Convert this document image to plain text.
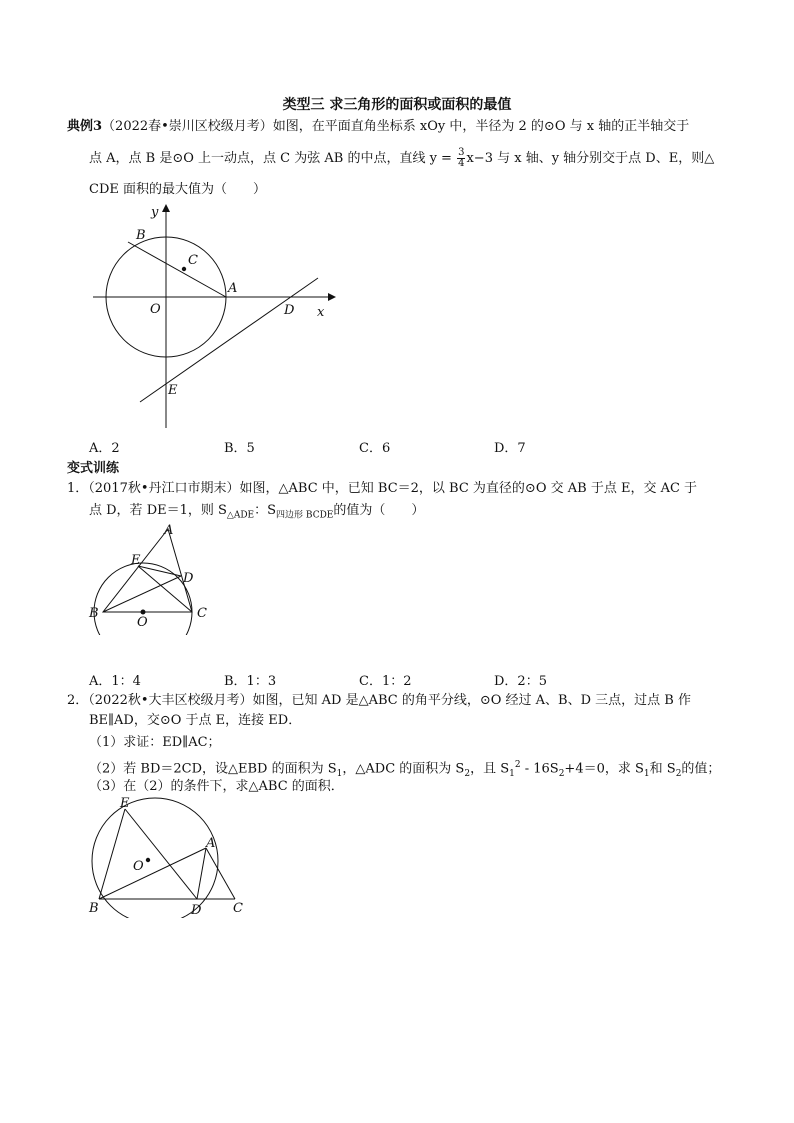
类型三 求三角形的面积或面积的最值
典例3（2022春•崇川区校级月考）如图，在平面直角坐标系 xOy 中，半径为 2 的⊙O 与 x 轴的正半轴交于
点 A，点 B 是⊙O 上一动点，点 C 为弦 AB 的中点，直线 $y = \frac{3}{4} x-3$ 与 x 轴、y 轴分别交于点 D、E，则△
CDE 面积的最大值为（　　）
y
x
B
C
A
O	D
E
A．2	B．5	C．6	D．7
变式训练
1．（2017秋•丹江口市期末）如图，△ABC 中，已知 BC＝2，以 BC 为直径的⊙O 交 AB 于点 E，交 AC 于
点 D，若 DE＝1，则 $S_{\triangle ADE}$：$S_{四边形 BCDE}$的值为（　　）
A
E
D
B
O
C
A．1：4	B．1：3	C．1：2	D．2：5
2．（2022秋•大丰区校级月考）如图，已知 AD 是△ABC 的角平分线，⊙O 经过 A、B、D 三点，过点 B 作
BE∥AD，交⊙O 于点 E，连接 ED．
（1）求证：ED∥AC；
（2）若 BD＝2CD，设△EBD 的面积为 $S_1$，△ADC 的面积为 $S_2$，且 $S_1^2 - 16S_2+4=0$，求 $S_1$和 $S_2$的值；
（3）在（2）的条件下，求△ABC 的面积．
E
O
A
B	D C
